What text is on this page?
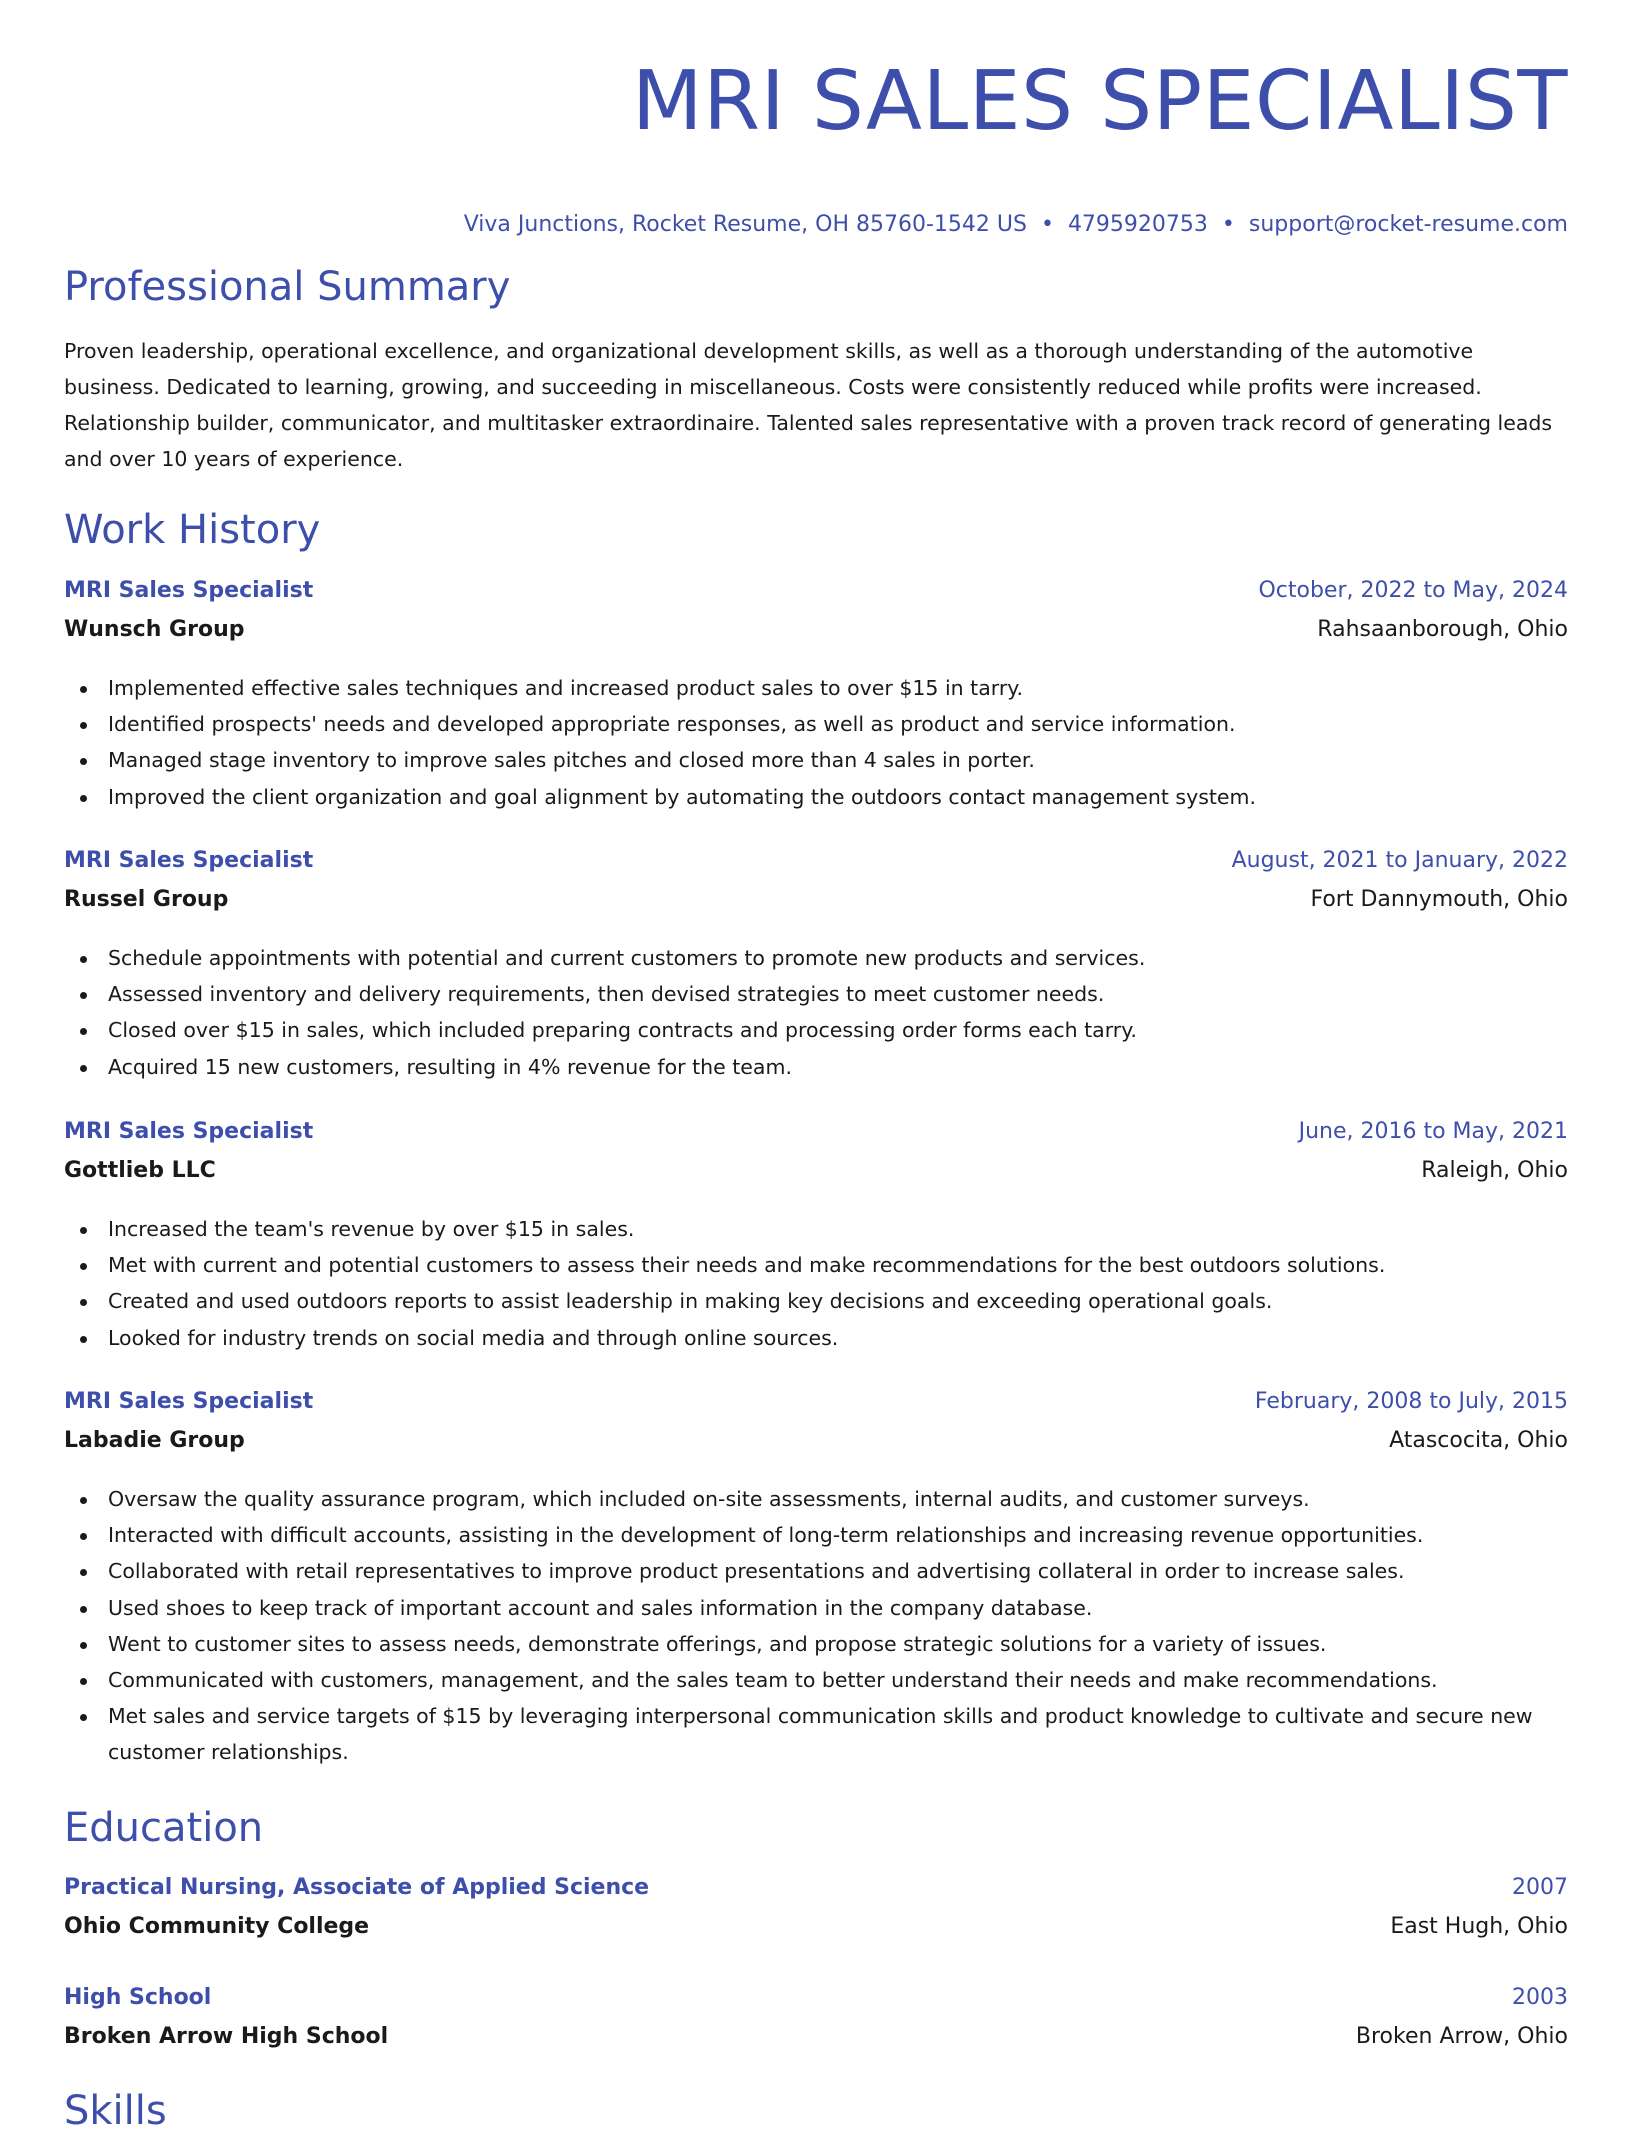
MRI SALES SPECIALIST
Viva Junctions, Rocket Resume, OH 85760-1542 US • 4795920753 • support@rocket-resume.com
Professional Summary

Proven leadership, operational excellence, and organizational development skills, as well as a thorough understanding of the automotive business. Dedicated to learning, growing, and succeeding in miscellaneous. Costs were consistently reduced while profits were increased. Relationship builder, communicator, and multitasker extraordinaire. Talented sales representative with a proven track record of generating leads and over 10 years of experience.

Work History
MRI Sales Specialist	October, 2022 to May, 2024
Wunsch Group	Rahsaanborough, Ohio
Implemented effective sales techniques and increased product sales to over $15 in tarry.
Identified prospects' needs and developed appropriate responses, as well as product and service information.
Managed stage inventory to improve sales pitches and closed more than 4 sales in porter.
Improved the client organization and goal alignment by automating the outdoors contact management system.
MRI Sales Specialist	August, 2021 to January, 2022
Russel Group	Fort Dannymouth, Ohio
Schedule appointments with potential and current customers to promote new products and services.
Assessed inventory and delivery requirements, then devised strategies to meet customer needs.
Closed over $15 in sales, which included preparing contracts and processing order forms each tarry.
Acquired 15 new customers, resulting in 4% revenue for the team.
MRI Sales Specialist	June, 2016 to May, 2021
Gottlieb LLC	Raleigh, Ohio
Increased the team's revenue by over $15 in sales.
Met with current and potential customers to assess their needs and make recommendations for the best outdoors solutions.
Created and used outdoors reports to assist leadership in making key decisions and exceeding operational goals.
Looked for industry trends on social media and through online sources.
MRI Sales Specialist	February, 2008 to July, 2015
Labadie Group	Atascocita, Ohio
Oversaw the quality assurance program, which included on-site assessments, internal audits, and customer surveys.
Interacted with difficult accounts, assisting in the development of long-term relationships and increasing revenue opportunities.
Collaborated with retail representatives to improve product presentations and advertising collateral in order to increase sales.
Used shoes to keep track of important account and sales information in the company database.
Went to customer sites to assess needs, demonstrate offerings, and propose strategic solutions for a variety of issues.
Communicated with customers, management, and the sales team to better understand their needs and make recommendations.
Met sales and service targets of $15 by leveraging interpersonal communication skills and product knowledge to cultivate and secure new customer relationships.
Education
Practical Nursing, Associate of Applied Science	2007
Ohio Community College	East Hugh, Ohio
High School	2003
Broken Arrow High School	Broken Arrow, Ohio
Skills
